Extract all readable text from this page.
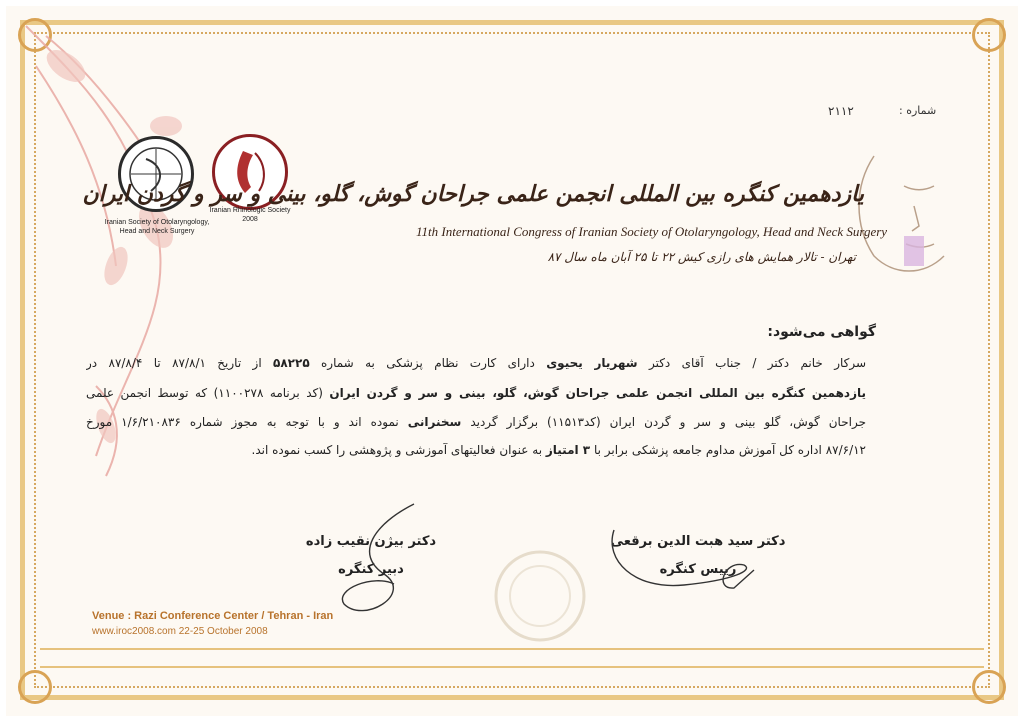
شماره :
۲۱۱۲
Iranian Society of Otolaryngology,
Head and Neck Surgery
Iranian Rhinologic Society
2008
یازدهمین کنگره بین المللی انجمن علمی جراحان گوش، گلو، بینی و سر و گردن ایران
11th International Congress of Iranian Society of Otolaryngology, Head and Neck Surgery
تهران - تالار همایش های رازی کیش ۲۲ تا ۲۵ آبان ماه سال ۸۷
گواهی می‌شود:
سرکار خانم دکتر / جناب آقای دکتر شهریار یحیوی دارای کارت نظام پزشکی به شماره ۵۸۲۲۵ از تاریخ ۸۷/۸/۱ تا ۸۷/۸/۴ در
یازدهمین کنگره بین المللی انجمن علمی جراحان گوش، گلو، بینی و سر و گردن ایران (کد برنامه ۱۱۰۰۲۷۸) که توسط انجمن علمی
جراحان گوش، گلو بینی و سر و گردن ایران (کد۱۱۵۱۳) برگزار گردید سخنرانی نموده اند و با توجه به مجوز شماره ۱/۶/۲۱۰۸۳۶ مورخ
۸۷/۶/۱۲ اداره کل آموزش مداوم جامعه پزشکی برابر با ۳ امتیاز به عنوان فعالیتهای آموزشی و پژوهشی را کسب نموده اند.
دکتر بیژن نقیب زاده
دبیر کنگره
دکتر سید هبت الدین برقعی
رییس کنگره
Venue : Razi Conference Center / Tehran - Iran
www.iroc2008.com 22-25 October 2008
